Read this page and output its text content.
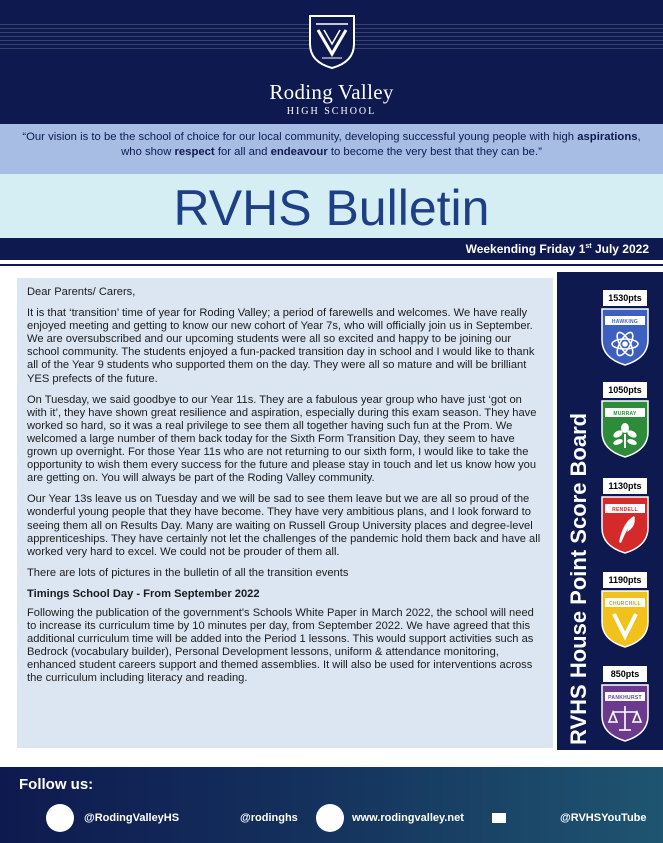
Roding Valley
HIGH SCHOOL
“Our vision is to be the school of choice for our local community, developing successful young people with high aspirations, who show respect for all and endeavour to become the very best that they can be.”
RVHS Bulletin
Weekending Friday 1st July 2022

Dear Parents/ Carers,

It is that ‘transition’ time of year for Roding Valley; a period of farewells and welcomes. We have really enjoyed meeting and getting to know our new cohort of Year 7s, who will officially join us in September. We are oversubscribed and our upcoming students were all so excited and happy to be joining our school community. The students enjoyed a fun-packed transition day in school and I would like to thank all of the Year 9 students who supported them on the day. They were all so mature and will be brilliant YES prefects of the future.

On Tuesday, we said goodbye to our Year 11s. They are a fabulous year group who have just ‘got on with it’, they have shown great resilience and aspiration, especially during this exam season. They have worked so hard, so it was a real privilege to see them all together having such fun at the Prom. We welcomed a large number of them back today for the Sixth Form Transition Day, they seem to have grown up overnight. For those Year 11s who are not returning to our sixth form, I would like to take the opportunity to wish them every success for the future and please stay in touch and let us know how you are getting on. You will always be part of the Roding Valley community.

Our Year 13s leave us on Tuesday and we will be sad to see them leave but we are all so proud of the wonderful young people that they have become. They have very ambitious plans, and I look forward to seeing them all on Results Day. Many are waiting on Russell Group University places and degree-level apprenticeships. They have certainly not let the challenges of the pandemic hold them back and have all worked very hard to excel. We could not be prouder of them all.

There are lots of pictures in the bulletin of all the transition events

Timings School Day - From September 2022

Following the publication of the government's Schools White Paper in March 2022, the school will need to increase its curriculum time by 10 minutes per day, from September 2022. We have agreed that this additional curriculum time will be added into the Period 1 lessons. This would support activities such as Bedrock (vocabulary builder), Personal Development lessons, uniform & attendance monitoring, enhanced student careers support and themed assemblies. It will also be used for interventions across the curriculum including literacy and reading.	RVHS House Point Score Board
1530pts
HAWKING
1050pts
MURRAY
1130pts
RENDELL
1190pts
CHURCHILL
850pts
PANKHURST
Follow us:
@RodingValleyHS	@rodinghs	www.rodingvalley.net	@RVHSYouTube
